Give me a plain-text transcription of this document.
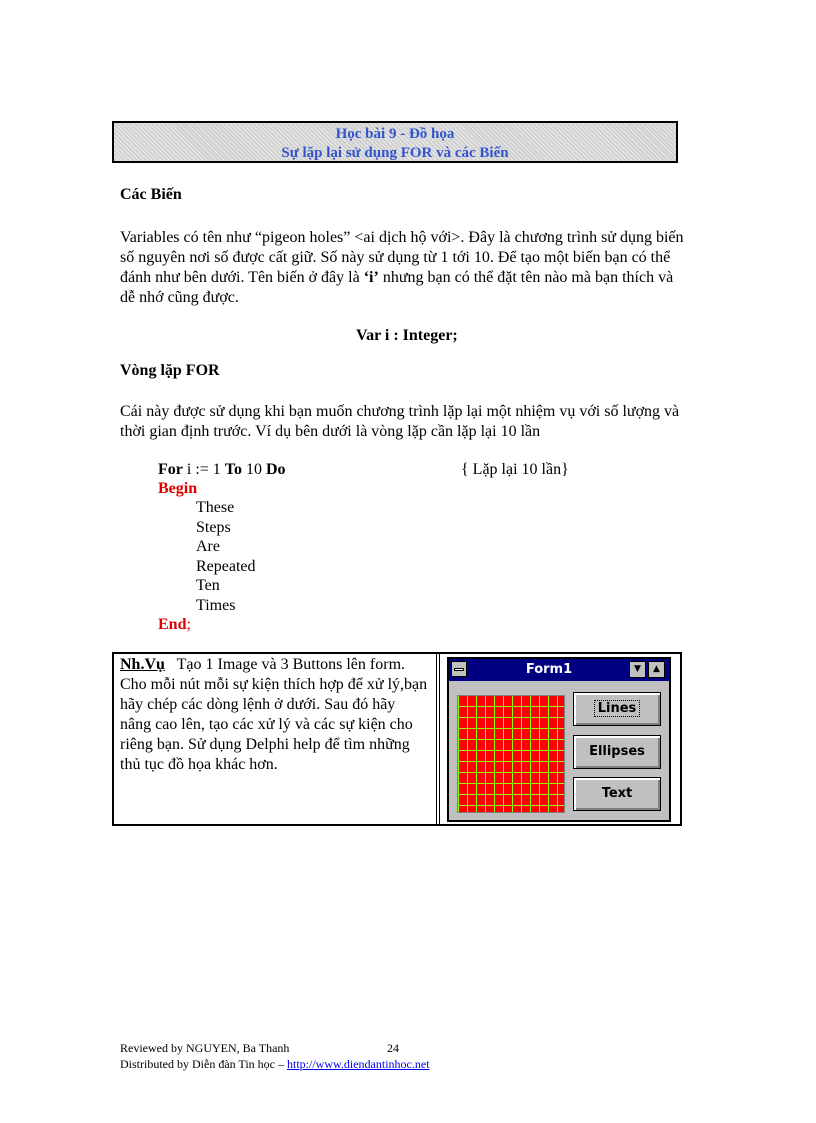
Học bài 9 - Đồ họa
Sự lặp lại sử dụng FOR và các Biến
Các Biến
Variables có tên như “pigeon holes” <ai dịch hộ với>. Đây là chương trình sử dụng biến
số nguyên nơi số được cất giữ. Số này sử dụng từ 1 tới 10. Để tạo một biến bạn có thể
đánh như bên dưới. Tên biến ở đây là ‘i’ nhưng bạn có thể đặt tên nào mà bạn thích và
dễ nhớ cũng được.
Var i : Integer;
Vòng lặp FOR
Cái này được sử dụng khi bạn muốn chương trình lặp lại một nhiệm vụ với số lượng và
thời gian định trước. Ví dụ bên dưới là vòng lặp cần lặp lại 10 lần
For i := 1 To 10 Do	{ Lặp lại 10 lần}
Begin
These
Steps
Are
Repeated
Ten
Times
End;
Nh.Vụ   Tạo 1 Image và 3 Buttons lên form.
Cho mỗi nút mỗi sự kiện thích hợp để xử lý,bạn
hãy chép các dòng lệnh ở dưới. Sau đó hãy
nâng cao lên, tạo các xử lý và các sự kiện cho
riêng bạn. Sử dụng Delphi help để tìm những
thủ tục đồ họa khác hơn.
Form1	▼	▲
Lines
Ellipses
Text
Reviewed by NGUYEN, Ba Thanh	24
Distributed by Diễn đàn Tin học – http://www.diendantinhoc.net
